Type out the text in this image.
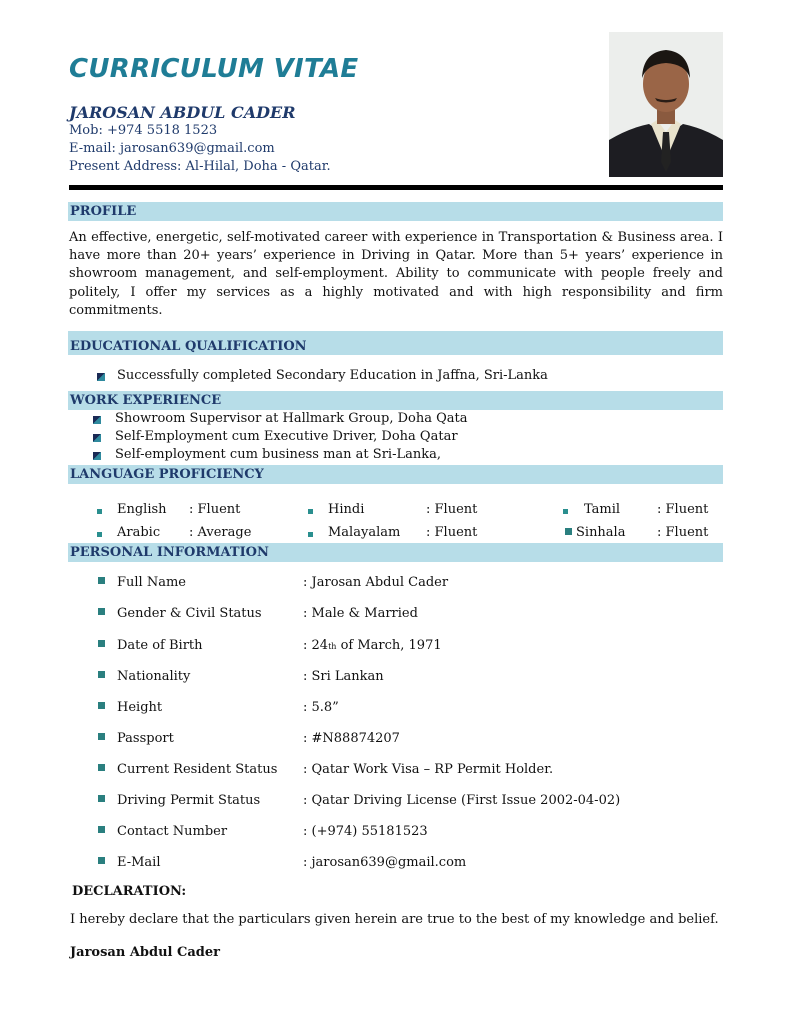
CURRICULUM VITAE
JAROSAN ABDUL CADER
Mob: +974 5518 1523
E-mail: jarosan639@gmail.com
Present Address: Al-Hilal, Doha - Qatar.
PROFILE
An effective, energetic, self-motivated career with experience in Transportation & Business area. I have more than 20+ years’ experience in Driving in Qatar. More than 5+ years’ experience in showroom management, and self-employment. Ability to communicate with people freely and politely, I offer my services as a highly motivated and with high responsibility and firm commitments.
EDUCATIONAL QUALIFICATION
Successfully completed Secondary Education in Jaffna, Sri-Lanka
WORK EXPERIENCE
Showroom Supervisor at Hallmark Group, Doha Qata
Self-Employment cum Executive Driver, Doha Qatar
Self-employment cum business man at Sri-Lanka,
LANGUAGE PROFICIENCY
English : Fluent	Hindi	: Fluent	Tamil	: Fluent
Arabic : Average	Malayalam : Fluent	Sinhala : Fluent
PERSONAL INFORMATION
Full Name	: Jarosan Abdul Cader
Gender & Civil Status	: Male & Married
Date of Birth	: 24th of March, 1971
Nationality	: Sri Lankan
Height	: 5.8”
Passport	: #N88874207
Current Resident Status : Qatar Work Visa – RP Permit Holder.
Driving Permit Status	: Qatar Driving License (First Issue 2002-04-02)
Contact Number	: (+974) 55181523
E-Mail	: jarosan639@gmail.com
DECLARATION:
I hereby declare that the particulars given herein are true to the best of my knowledge and belief.
Jarosan Abdul Cader
